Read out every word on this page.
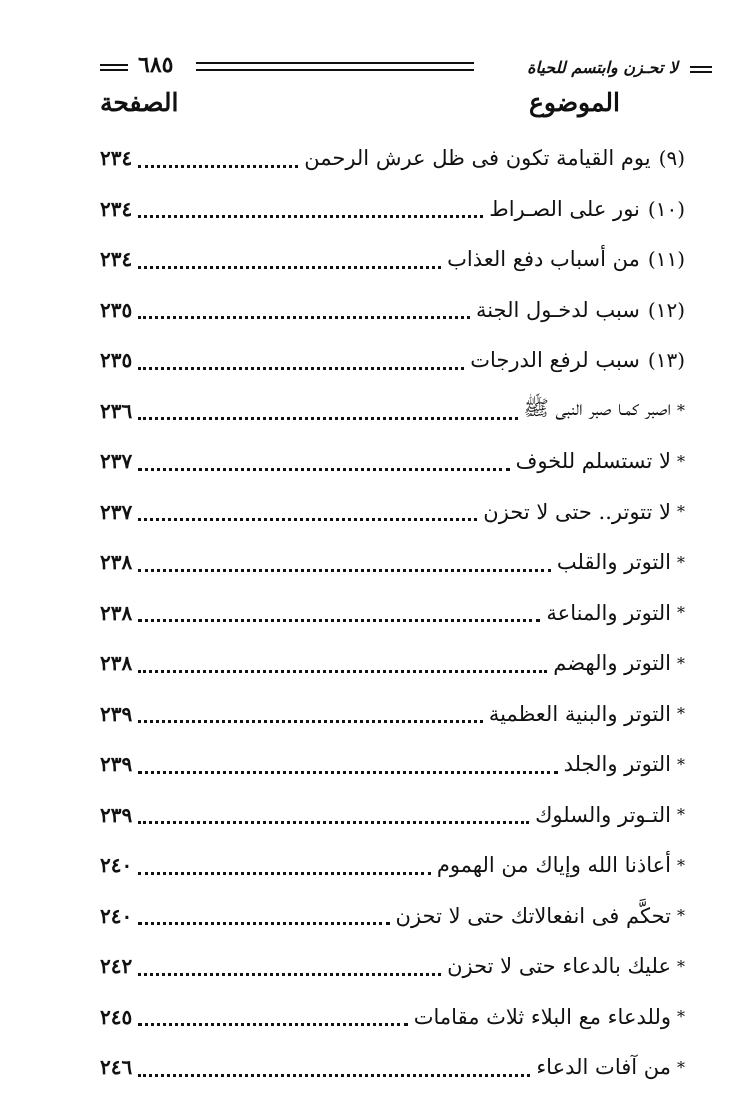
٦٨٥	لا تحـزن وابتسم للحياة
الصفحة	الموضوع
(٩)
يوم القيامة تكون فى ظل عرش الرحمن
٢٣٤
(١٠)
نور على الصـراط
٢٣٤
(١١)
من أسباب دفع العذاب
٢٣٤
(١٢)
سبب لدخـول الجنة
٢٣٥
(١٣)
سبب لرفع الدرجات
٢٣٥
*
اصبر كمـا صبر النبى ﷺ
٢٣٦
*
لا تستسلم للخوف
٢٣٧
*
لا تتوتر.. حتى لا تحزن
٢٣٧
*
التوتر والقلب
٢٣٨
*
التوتر والمناعة
٢٣٨
*
التوتر والهضم
٢٣٨
*
التوتر والبنية العظمية
٢٣٩
*
التوتر والجلد
٢٣٩
*
التـوتر والسلوك
٢٣٩
*
أعاذنا الله وإياك من الهموم
٢٤٠
*
تحكَّم فى انفعالاتك حتى لا تحزن
٢٤٠
*
عليك بالدعاء حتى لا تحزن
٢٤٢
*
وللدعاء مع البلاء ثلاث مقامات
٢٤٥
*
من آفات الدعاء
٢٤٦
